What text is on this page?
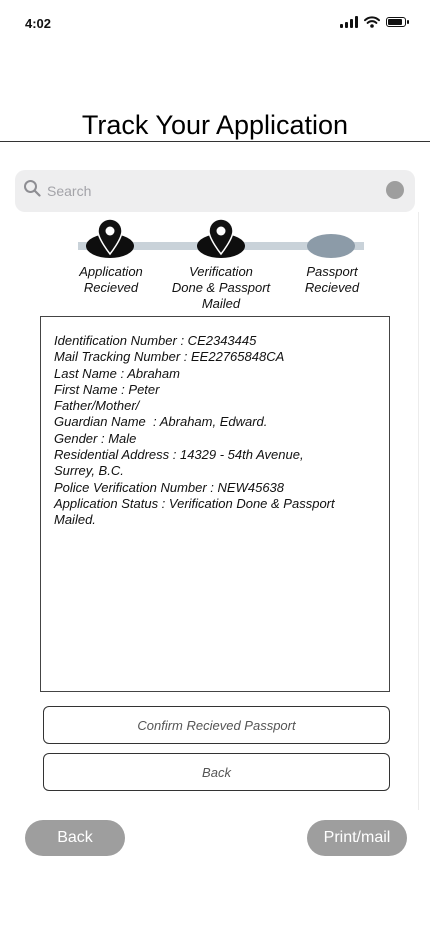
4:02
Track Your Application
Search
Application
Recieved
Verification
Done & Passport
Mailed
Passport
Recieved
Identification Number : CE2343445
Mail Tracking Number : EE22765848CA
Last Name : Abraham
First Name : Peter
Father/Mother/
Guardian Name  : Abraham, Edward.
Gender : Male
Residential Address : 14329 - 54th Avenue,
Surrey, B.C.
Police Verification Number : NEW45638
Application Status : Verification Done & Passport
Mailed.
Confirm Recieved Passport
Back
Back	Print/mail
